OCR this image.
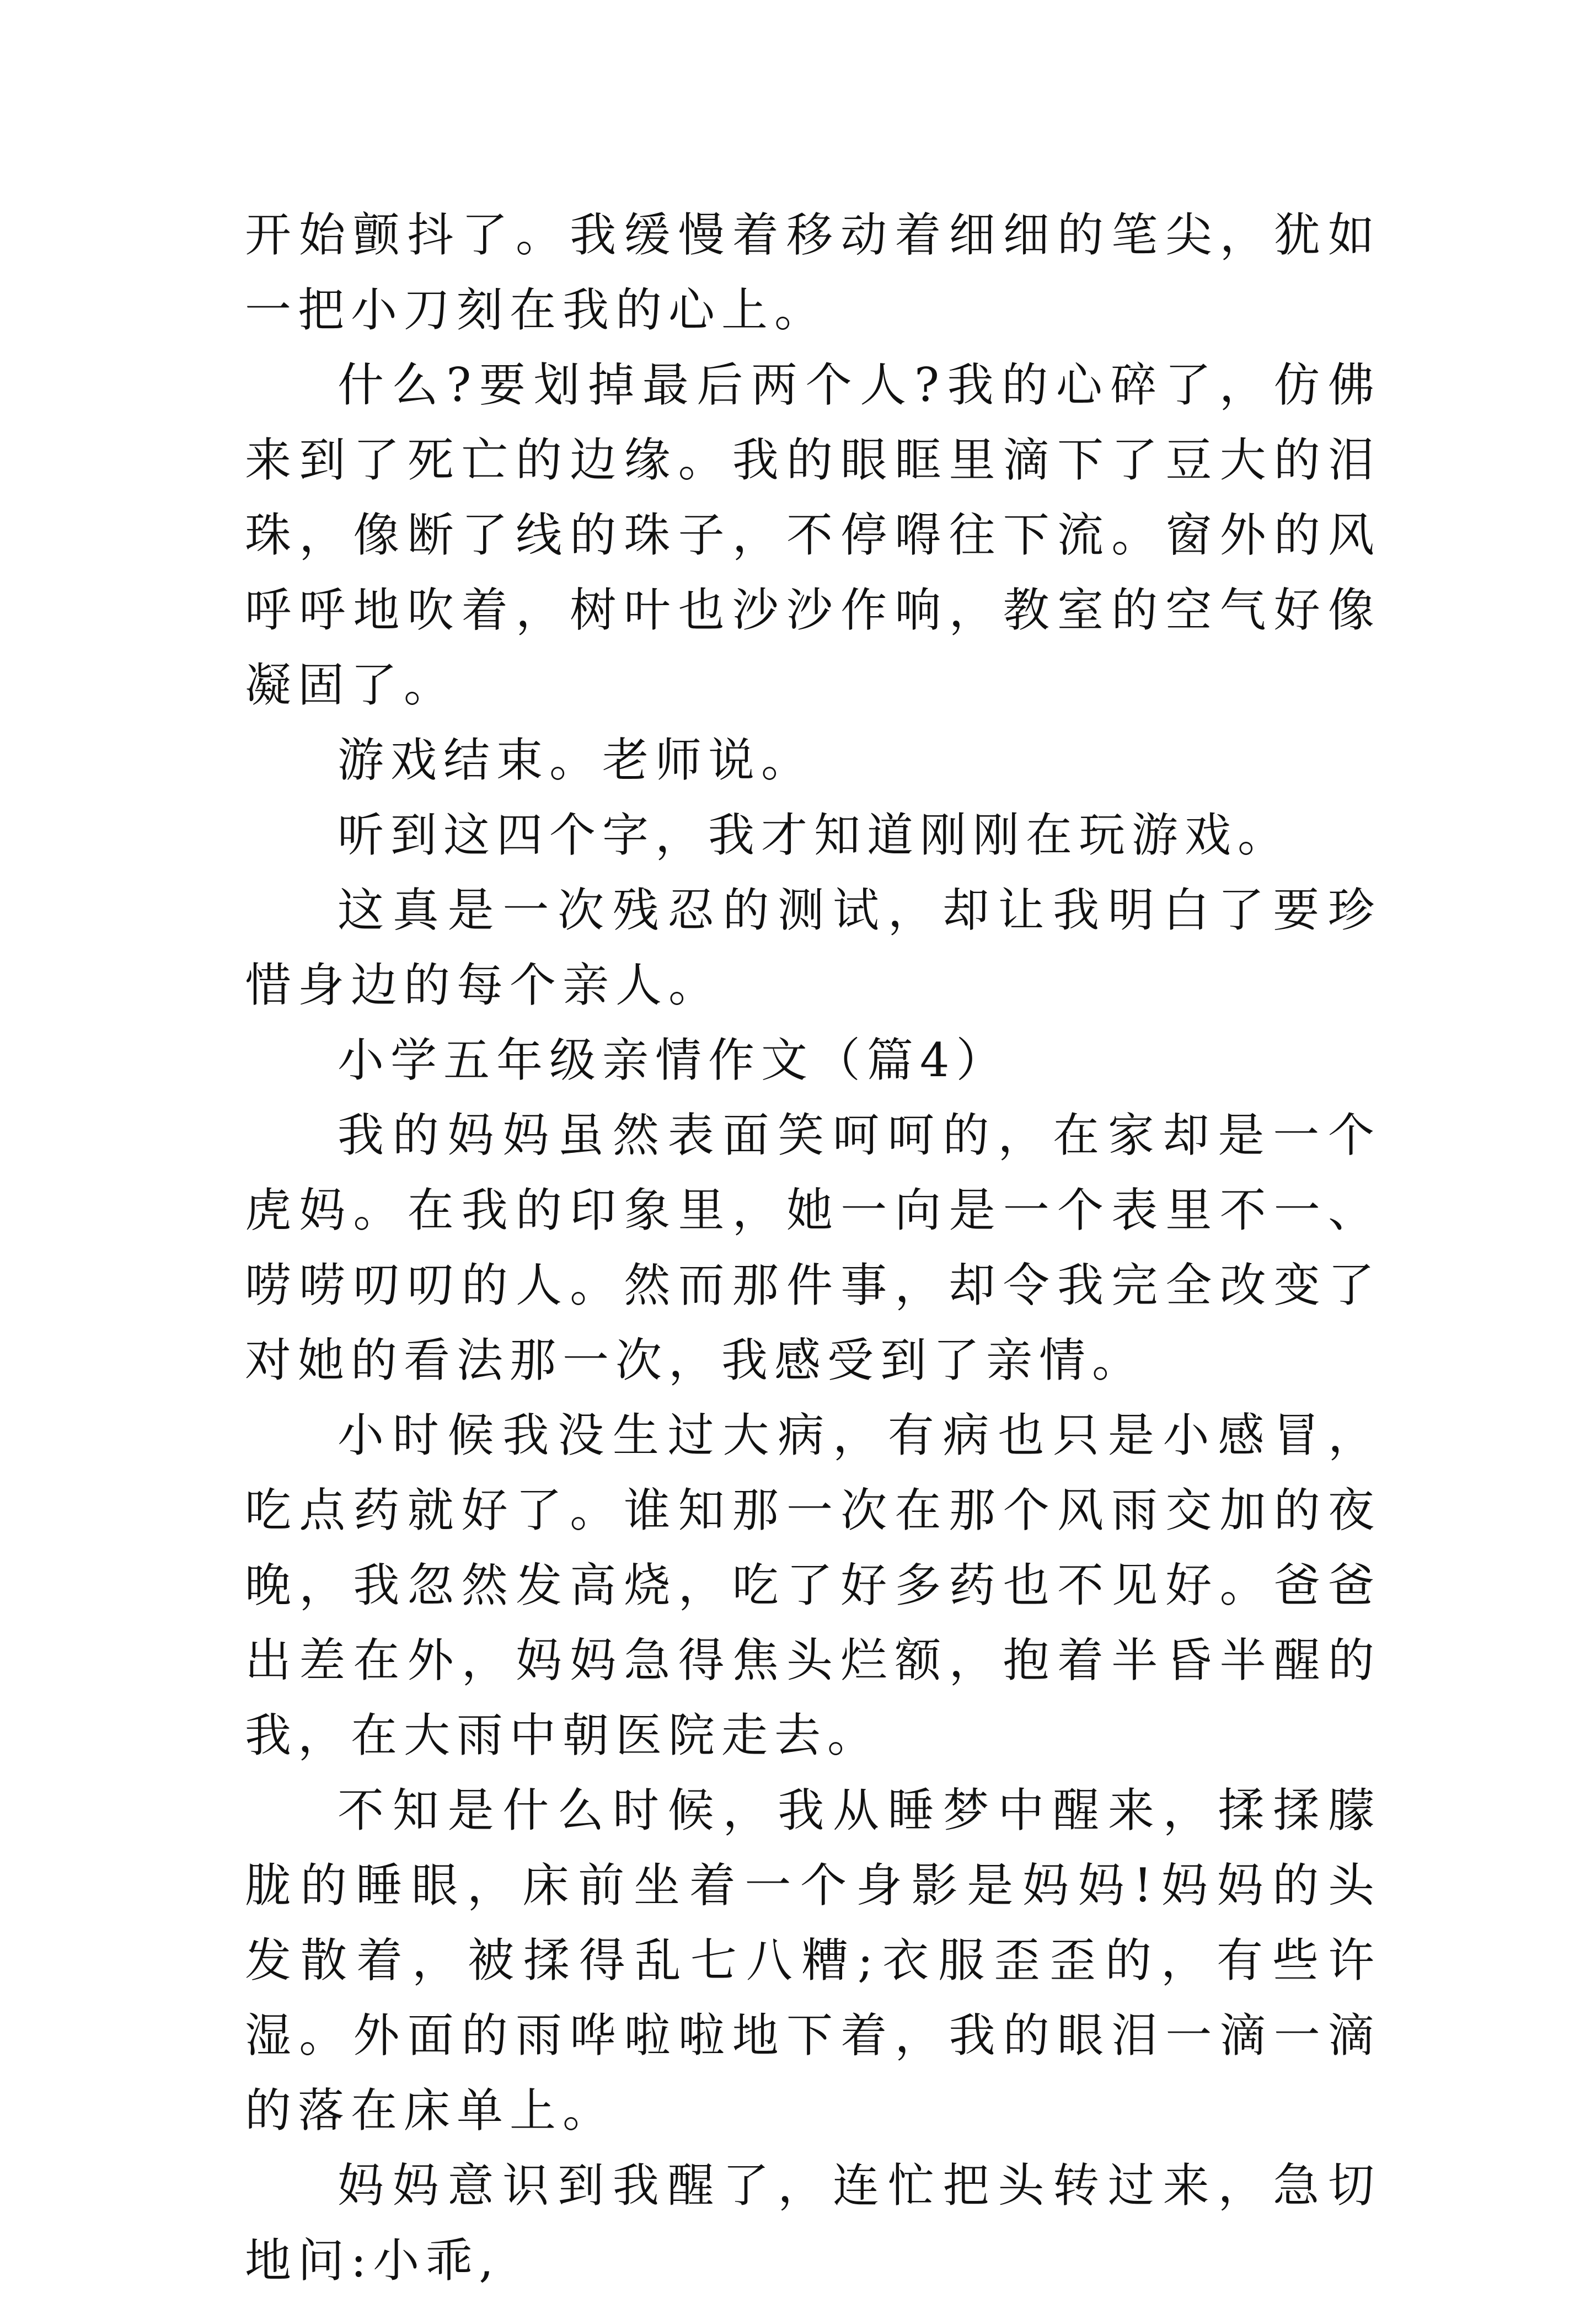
开始颤抖了。我缓慢着移动着细细的笔尖，犹如一把小刀刻在我的心上。

什么?要划掉最后两个人?我的心碎了，仿佛来到了死亡的边缘。我的眼眶里滴下了豆大的泪珠，像断了线的珠子，不停嘚往下流。窗外的风呼呼地吹着，树叶也沙沙作响，教室的空气好像凝固了。

游戏结束。老师说。

听到这四个字，我才知道刚刚在玩游戏。

这真是一次残忍的测试，却让我明白了要珍惜身边的每个亲人。

小学五年级亲情作文（篇4）

我的妈妈虽然表面笑呵呵的，在家却是一个虎妈。在我的印象里，她一向是一个表里不一、唠唠叨叨的人。然而那件事，却令我完全改变了对她的看法那一次，我感受到了亲情。

小时候我没生过大病，有病也只是小感冒，吃点药就好了。谁知那一次在那个风雨交加的夜晚，我忽然发高烧，吃了好多药也不见好。爸爸出差在外，妈妈急得焦头烂额，抱着半昏半醒的我，在大雨中朝医院走去。

不知是什么时候，我从睡梦中醒来，揉揉朦胧的睡眼，床前坐着一个身影是妈妈!妈妈的头发散着，被揉得乱七八糟;衣服歪歪的，有些许湿。外面的雨哗啦啦地下着，我的眼泪一滴一滴的落在床单上。

妈妈意识到我醒了，连忙把头转过来，急切地问:小乖,
